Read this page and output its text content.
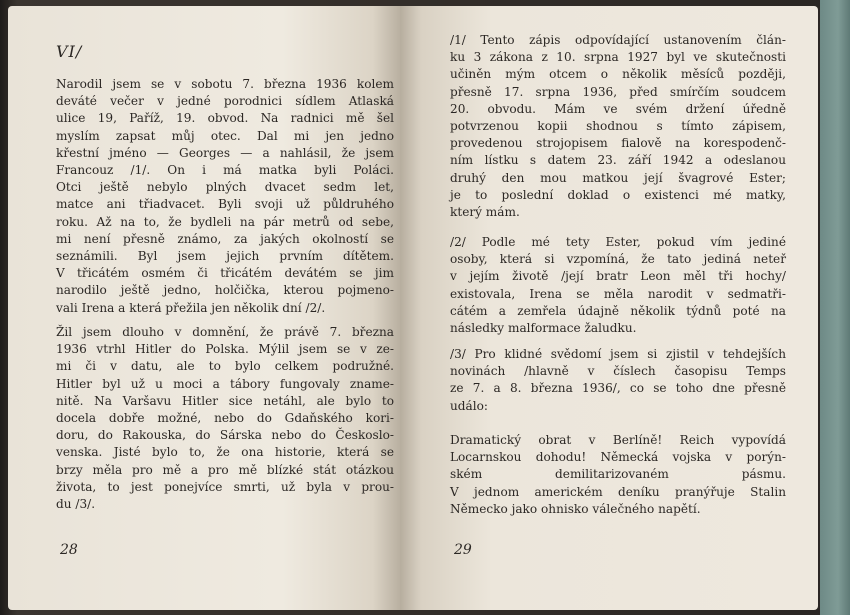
VI/

Narodil jsem se v sobotu 7. března 1936 kolem
deváté večer v jedné porodnici sídlem Atlaská
ulice 19, Paříž, 19. obvod. Na radnici mě šel
myslím zapsat můj otec. Dal mi jen jedno
křestní jméno — Georges — a nahlásil, že jsem
Francouz /1/. On i má matka byli Poláci.
Otci ještě nebylo plných dvacet sedm let,
matce ani třiadvacet. Byli svoji už půldruhého
roku. Až na to, že bydleli na pár metrů od sebe,
mi není přesně známo, za jakých okolností se
seznámili. Byl jsem jejich prvním dítětem.
V třicátém osmém či třicátém devátém se jim
narodilo ještě jedno, holčička, kterou pojmeno-
vali Irena a která přežila jen několik dní /2/.

Žil jsem dlouho v domnění, že právě 7. března
1936 vtrhl Hitler do Polska. Mýlil jsem se v ze-
mi či v datu, ale to bylo celkem podružné.
Hitler byl už u moci a tábory fungovaly zname-
nitě. Na Varšavu Hitler sice netáhl, ale bylo to
docela dobře možné, nebo do Gdaňského kori-
doru, do Rakouska, do Sárska nebo do Českoslo-
venska. Jisté bylo to, že ona historie, která se
brzy měla pro mě a pro mě blízké stát otázkou
života, to jest ponejvíce smrti, už byla v prou-
du /3/.

28

/1/ Tento zápis odpovídající ustanovením člán-
ku 3 zákona z 10. srpna 1927 byl ve skutečnosti
učiněn mým otcem o několik měsíců později,
přesně 17. srpna 1936, před smírčím soudcem
20. obvodu. Mám ve svém držení úředně
potvrzenou kopii shodnou s tímto zápisem,
provedenou strojopisem fialově na korespodenč-
ním lístku s datem 23. září 1942 a odeslanou
druhý den mou matkou její švagrové Ester;
je to poslední doklad o existenci mé matky,
který mám.

/2/ Podle mé tety Ester, pokud vím jediné
osoby, která si vzpomíná, že tato jediná neteř
v jejím životě /její bratr Leon měl tři hochy/
existovala, Irena se měla narodit v sedmatři-
cátém a zemřela údajně několik týdnů poté na
následky malformace žaludku.

/3/ Pro klidné svědomí jsem si zjistil v tehdejších
novinách /hlavně v číslech časopisu Temps
ze 7. a 8. března 1936/, co se toho dne přesně
událo:

Dramatický obrat v Berlíně! Reich vypovídá
Locarnskou dohodu! Německá vojska v porýn-
ském demilitarizovaném pásmu.
V jednom americkém deníku pranýřuje Stalin
Německo jako ohnisko válečného napětí.

29
